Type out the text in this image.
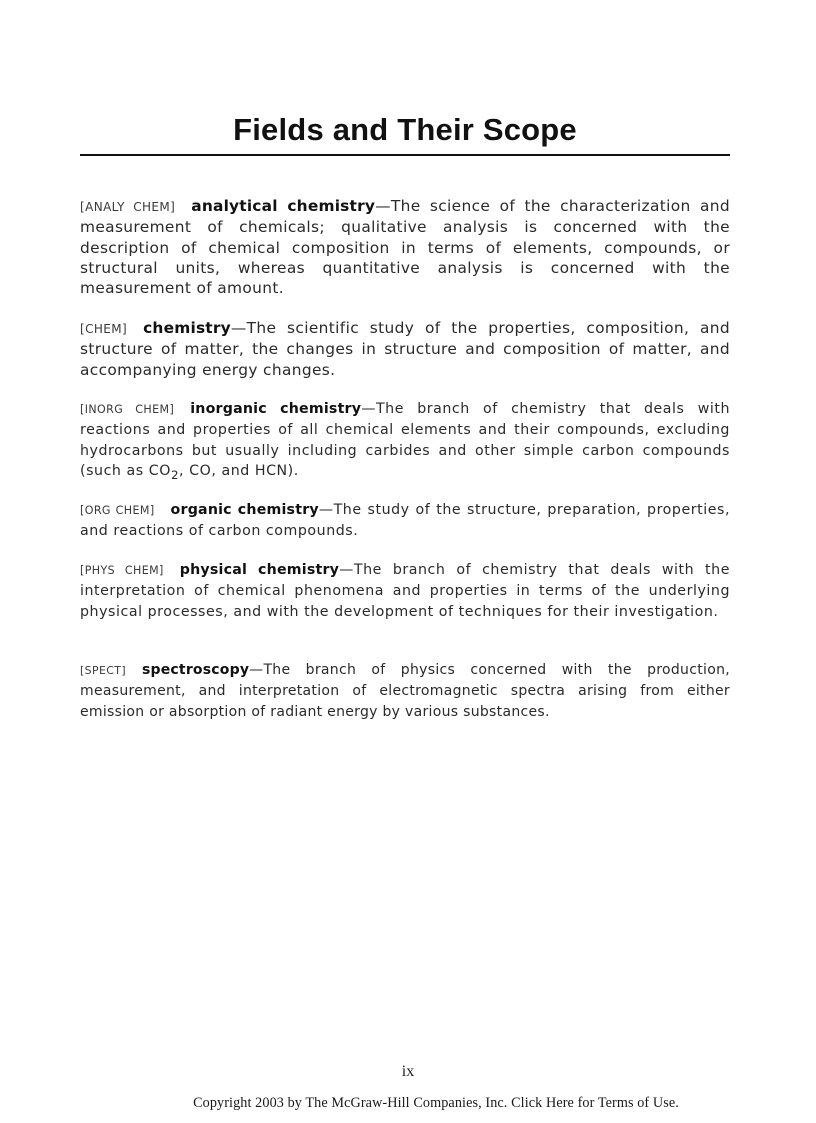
Fields and Their Scope

[ANALY CHEM] analytical chemistry—The science of the characterization and measurement of chemicals; qualitative analysis is concerned with the description of chemical composition in terms of elements, compounds, or structural units, whereas quantitative analysis is concerned with the measurement of amount.

[CHEM] chemistry—The scientific study of the properties, composition, and structure of matter, the changes in structure and composition of matter, and accompanying energy changes.

[INORG CHEM] inorganic chemistry—The branch of chemistry that deals with reactions and properties of all chemical elements and their compounds, excluding hydrocarbons but usually including carbides and other simple carbon compounds (such as $CO_2$, CO, and HCN).

[ORG CHEM] organic chemistry—The study of the structure, preparation, properties, and reactions of carbon compounds.

[PHYS CHEM] physical chemistry—The branch of chemistry that deals with the interpretation of chemical phenomena and properties in terms of the underlying physical processes, and with the development of techniques for their investigation.

[SPECT] spectroscopy—The branch of physics concerned with the production, measurement, and interpretation of electromagnetic spectra arising from either emission or absorption of radiant energy by various substances.

ix
Copyright 2003 by The McGraw-Hill Companies, Inc. Click Here for Terms of Use.
